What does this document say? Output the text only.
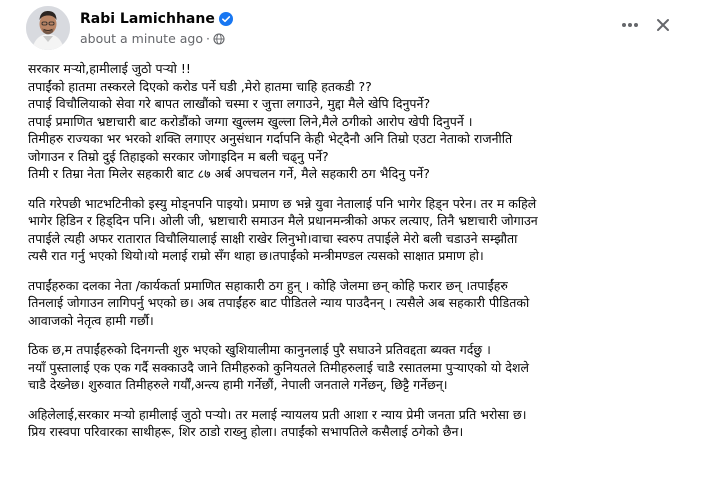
Rabi Lamichhane
about a minute ago ·
सरकार मर्‍यो,हामीलाई जुठो पर्‍यो !!
तपाईंको हातमा तस्करले दिएको करोड पर्ने घडी ,मेरो हातमा चाहि हतकडी ??
तपाई विचौलियाको सेवा गरे बापत लाखौंको चस्मा र जुत्ता लगाउने, मुद्दा मैले खेपि दिनुपर्ने?
तपाई प्रमाणित भ्रष्टाचारी बाट करोडौंको जग्गा खुल्लम खुल्ला लिने,मैले ठगीको आरोप खेपी दिनुपर्ने ।
तिमीहरु राज्यका भर भरको शक्ति लगाएर अनुसंधान गर्दापनि केही भेट्दैनौ अनि तिम्रो एउटा नेताको राजनीति
जोगाउन र तिम्रो दुई तिहाइको सरकार जोगाइदिन म बली चढ्नु पर्ने?
तिमी र तिम्रा नेता मिलेर सहकारी बाट ८७ अर्ब अपचलन गर्ने, मैले सहकारी ठग भैदिनु पर्ने?
यति गरेपछी भाटभटिनीको इस्यु मोड्नपनि पाइयो। प्रमाण छ भन्ने युवा नेतालाई पनि भागेर हिड्न परेन। तर म कहिले
भागेर हिडिन र हिड्दिन पनि। ओली जी, भ्रष्टाचारी समाउन मैले प्रधानमन्त्रीको अफर लत्याए, तिनै भ्रष्टाचारी जोगाउन
तपाईले त्यही अफर रातारात विचौलियालाई साक्षी राखेर लिनुभो।वाचा स्वरुप तपाईले मेरो बली चडाउने सम्झौता
त्यसै रात गर्नु भएको थियो।यो मलाई राम्रो सँग थाहा छ।तपाईंको मन्त्रीमण्डल त्यसको साक्षात प्रमाण हो।
तपाईंहरुका दलका नेता /कार्यकर्ता प्रमाणित सहाकारी ठग हुन् । कोहि जेलमा छन् कोहि फरार छन् ।तपाईंहरु
तिनलाई जोगाउन लागिपर्नु भएको छ। अब तपाईंहरु बाट पीडितले न्याय पाउदैनन् । त्यसैले अब सहकारी पीडितको
आवाजको नेतृत्व हामी गर्छौ।
ठिक छ,म तपाईंहरुको दिनगन्ती शुरु भएको खुशियालीमा कानुनलाई पुरै सघाउने प्रतिवद्दता ब्यक्त गर्दछु ।
नयाँ पुस्तालाई एक एक गर्दै सक्काउदै जाने तिमीहरुको कुनियतले तिमीहरुलाई चाडै रसातलमा पुर्‍याएको यो देशले
चाडै देख्नेछ। शुरुवात तिमीहरुले गर्यौं,अन्त्य हामी गर्नेछौं, नेपाली जनताले गर्नेछन्, छिट्टै गर्नेछन्।
अहिलेलाई,सरकार मर्‍यो हामीलाई जुठो पर्‍यो। तर मलाई न्यायलय प्रती आशा र न्याय प्रेमी जनता प्रति भरोसा छ।
प्रिय रास्वपा परिवारका साथीहरू, शिर ठाडो राख्नु होला। तपाईंको सभापतिले कसैलाई ठगेको छैन।
